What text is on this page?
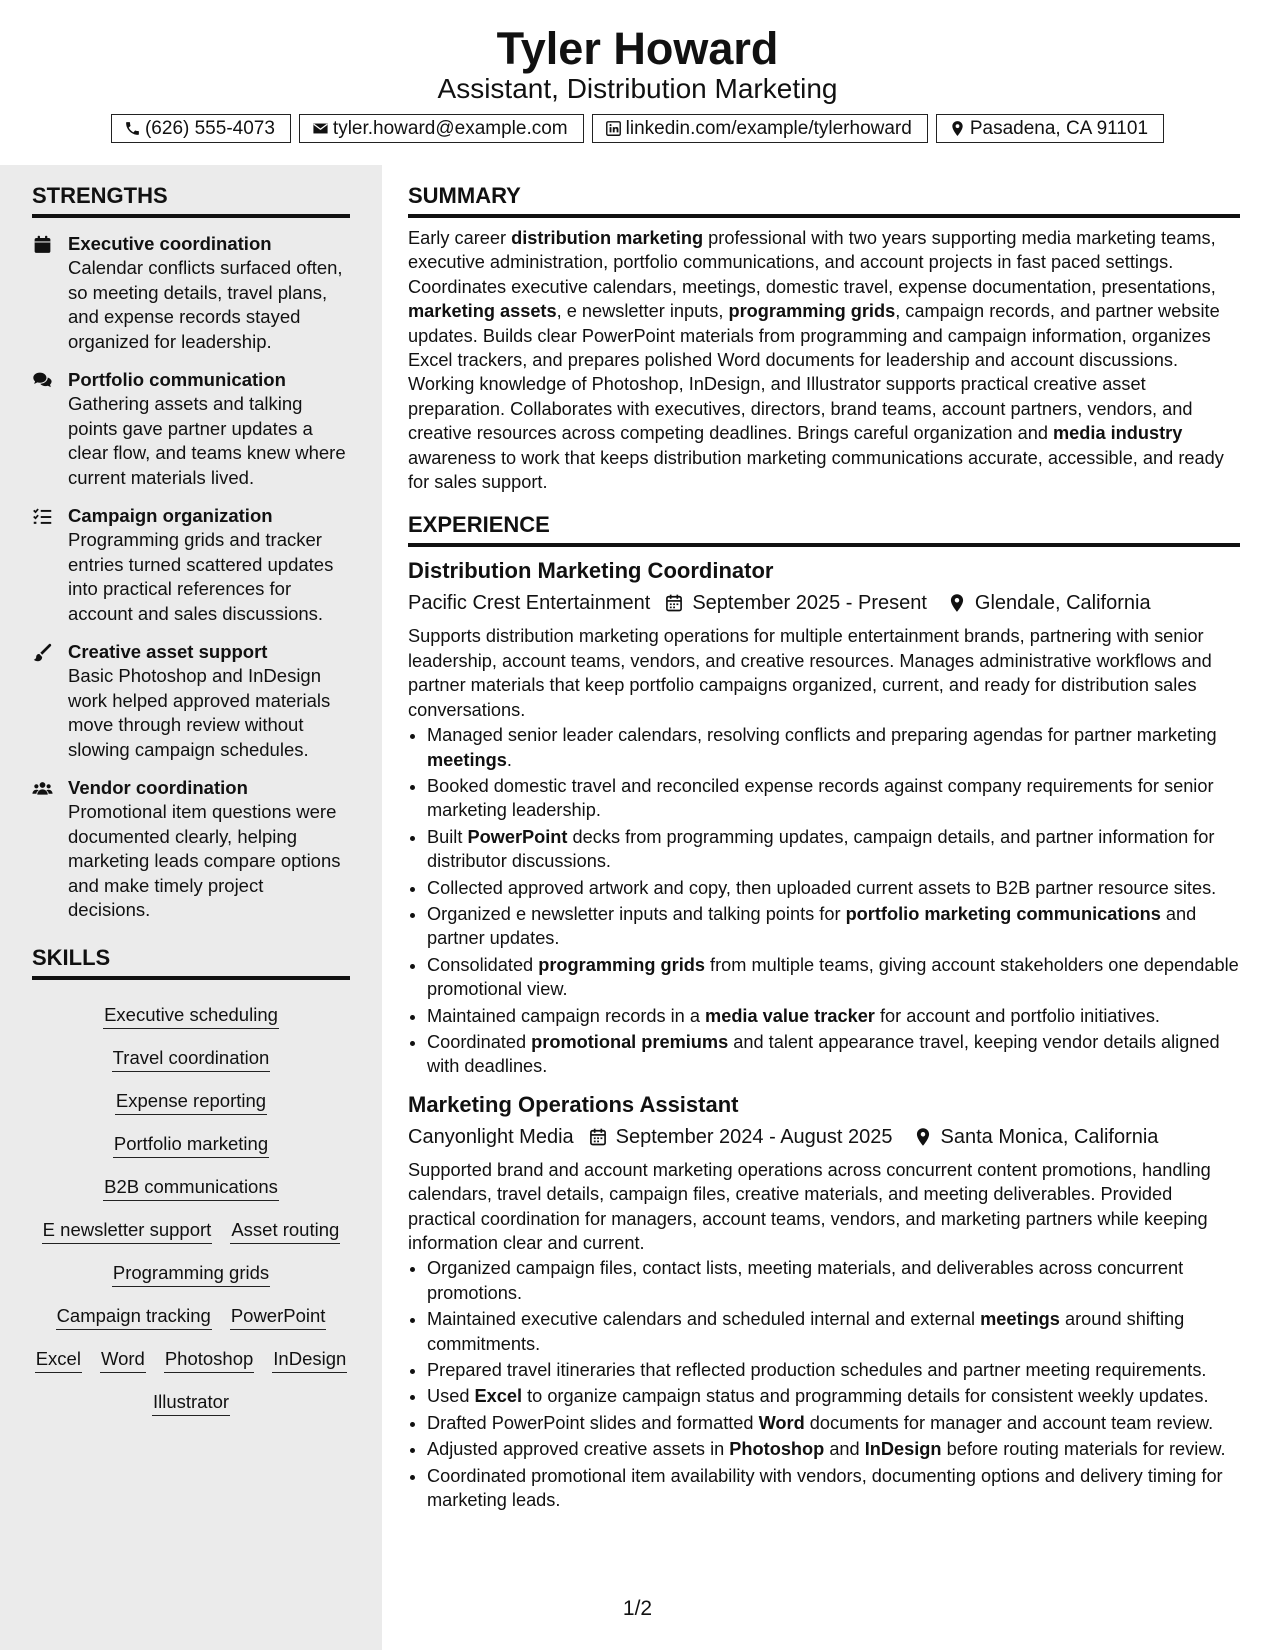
Tyler Howard
Assistant, Distribution Marketing
(626) 555-4073	tyler.howard@example.com	linkedin.com/example/tylerhoward	Pasadena, CA 91101
STRENGTHS
Executive coordination
Calendar conflicts surfaced often, so meeting details, travel plans, and expense records stayed organized for leadership.
Portfolio communication
Gathering assets and talking points gave partner updates a clear flow, and teams knew where current materials lived.
Campaign organization
Programming grids and tracker entries turned scattered updates into practical references for account and sales discussions.
Creative asset support
Basic Photoshop and InDesign work helped approved materials move through review without slowing campaign schedules.
Vendor coordination
Promotional item questions were documented clearly, helping marketing leads compare options and make timely project decisions.
SKILLS
Executive scheduling
Travel coordination
Expense reporting
Portfolio marketing
B2B communications
E newsletter support Asset routing
Programming grids
Campaign tracking PowerPoint
Excel Word Photoshop InDesign
Illustrator
SUMMARY
Early career distribution marketing professional with two years supporting media marketing teams, executive administration, portfolio communications, and account projects in fast paced settings. Coordinates executive calendars, meetings, domestic travel, expense documentation, presentations, marketing assets, e newsletter inputs, programming grids, campaign records, and partner website updates. Builds clear PowerPoint materials from programming and campaign information, organizes Excel trackers, and prepares polished Word documents for leadership and account discussions. Working knowledge of Photoshop, InDesign, and Illustrator supports practical creative asset preparation. Collaborates with executives, directors, brand teams, account partners, vendors, and creative resources across competing deadlines. Brings careful organization and media industry awareness to work that keeps distribution marketing communications accurate, accessible, and ready for sales support.
EXPERIENCE
Distribution Marketing Coordinator
Pacific Crest Entertainment September 2025 - Present Glendale, California
Supports distribution marketing operations for multiple entertainment brands, partnering with senior leadership, account teams, vendors, and creative resources. Manages administrative workflows and partner materials that keep portfolio campaigns organized, current, and ready for distribution sales conversations.
• Managed senior leader calendars, resolving conflicts and preparing agendas for partner marketing meetings.
• Booked domestic travel and reconciled expense records against company requirements for senior marketing leadership.
• Built PowerPoint decks from programming updates, campaign details, and partner information for distributor discussions.
• Collected approved artwork and copy, then uploaded current assets to B2B partner resource sites.
• Organized e newsletter inputs and talking points for portfolio marketing communications and partner updates.
• Consolidated programming grids from multiple teams, giving account stakeholders one dependable promotional view.
• Maintained campaign records in a media value tracker for account and portfolio initiatives.
• Coordinated promotional premiums and talent appearance travel, keeping vendor details aligned with deadlines.
Marketing Operations Assistant
Canyonlight Media September 2024 - August 2025 Santa Monica, California
Supported brand and account marketing operations across concurrent content promotions, handling calendars, travel details, campaign files, creative materials, and meeting deliverables. Provided practical coordination for managers, account teams, vendors, and marketing partners while keeping information clear and current.
• Organized campaign files, contact lists, meeting materials, and deliverables across concurrent promotions.
• Maintained executive calendars and scheduled internal and external meetings around shifting commitments.
• Prepared travel itineraries that reflected production schedules and partner meeting requirements.
• Used Excel to organize campaign status and programming details for consistent weekly updates.
• Drafted PowerPoint slides and formatted Word documents for manager and account team review.
• Adjusted approved creative assets in Photoshop and InDesign before routing materials for review.
• Coordinated promotional item availability with vendors, documenting options and delivery timing for marketing leads.
1/2
